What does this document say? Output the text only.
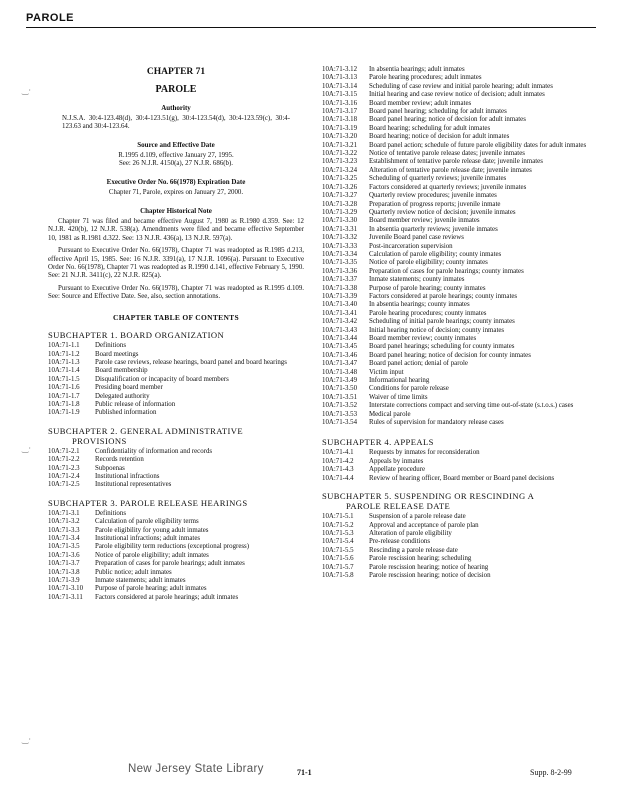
PAROLE
‿·
‿·
‿·
CHAPTER 71
PAROLE
Authority
N.J.S.A. 30:4-123.48(d), 30:4-123.51(g), 30:4-123.54(d), 30:4-123.59(c), 30:4-123.63 and 30:4-123.64.
Source and Effective Date
R.1995 d.109, effective January 27, 1995.
See: 26 N.J.R. 4150(a), 27 N.J.R. 686(b).
Executive Order No. 66(1978) Expiration Date
Chapter 71, Parole, expires on January 27, 2000.
Chapter Historical Note
Chapter 71 was filed and became effective August 7, 1980 as R.1980 d.359. See: 12 N.J.R. 420(b), 12 N.J.R. 538(a). Amendments were filed and became effective September 10, 1981 as R.1981 d.322. See: 13 N.J.R. 436(a), 13 N.J.R. 597(a).
Pursuant to Executive Order No. 66(1978), Chapter 71 was readopted as R.1985 d.213, effective April 15, 1985. See: 16 N.J.R. 3391(a), 17 N.J.R. 1096(a). Pursuant to Executive Order No. 66(1978), Chapter 71 was readopted as R.1990 d.141, effective February 5, 1990. See: 21 N.J.R. 3411(c), 22 N.J.R. 825(a).
Pursuant to Executive Order No. 66(1978), Chapter 71 was readopted as R.1995 d.109. See: Source and Effective Date. See, also, section annotations.
CHAPTER TABLE OF CONTENTS
SUBCHAPTER 1. BOARD ORGANIZATION
10A:71-1.1	Definitions
10A:71-1.2	Board meetings
10A:71-1.3	Parole case reviews, release hearings, board panel and board hearings
10A:71-1.4	Board membership
10A:71-1.5	Disqualification or incapacity of board members
10A:71-1.6	Presiding board member
10A:71-1.7	Delegated authority
10A:71-1.8	Public release of information
10A:71-1.9	Published information
SUBCHAPTER 2. GENERAL ADMINISTRATIVE
PROVISIONS
10A:71-2.1	Confidentiality of information and records
10A:71-2.2	Records retention
10A:71-2.3	Subpoenas
10A:71-2.4	Institutional infractions
10A:71-2.5	Institutional representatives
SUBCHAPTER 3. PAROLE RELEASE HEARINGS
10A:71-3.1	Definitions
10A:71-3.2	Calculation of parole eligibility terms
10A:71-3.3	Parole eligibility for young adult inmates
10A:71-3.4	Institutional infractions; adult inmates
10A:71-3.5	Parole eligibility term reductions (exceptional progress)
10A:71-3.6	Notice of parole eligibility; adult inmates
10A:71-3.7	Preparation of cases for parole hearings; adult inmates
10A:71-3.8	Public notice; adult inmates
10A:71-3.9	Inmate statements; adult inmates
10A:71-3.10	Purpose of parole hearing; adult inmates
10A:71-3.11	Factors considered at parole hearings; adult inmates
10A:71-3.12	In absentia hearings; adult inmates
10A:71-3.13	Parole hearing procedures; adult inmates
10A:71-3.14	Scheduling of case review and initial parole hearing; adult inmates
10A:71-3.15	Initial hearing and case review notice of decision; adult inmates
10A:71-3.16	Board member review; adult inmates
10A:71-3.17	Board panel hearing; scheduling for adult inmates
10A:71-3.18	Board panel hearing; notice of decision for adult inmates
10A:71-3.19	Board hearing; scheduling for adult inmates
10A:71-3.20	Board hearing; notice of decision for adult inmates
10A:71-3.21	Board panel action; schedule of future parole eligibility dates for adult inmates
10A:71-3.22	Notice of tentative parole release dates; juvenile inmates
10A:71-3.23	Establishment of tentative parole release date; juvenile inmates
10A:71-3.24	Alteration of tentative parole release date; juvenile inmates
10A:71-3.25	Scheduling of quarterly reviews; juvenile inmates
10A:71-3.26	Factors considered at quarterly reviews; juvenile inmates
10A:71-3.27	Quarterly review procedures; juvenile inmates
10A:71-3.28	Preparation of progress reports; juvenile inmate
10A:71-3.29	Quarterly review notice of decision; juvenile inmates
10A:71-3.30	Board member review; juvenile inmates
10A:71-3.31	In absentia quarterly reviews; juvenile inmates
10A:71-3.32	Juvenile Board panel case reviews
10A:71-3.33	Post-incarceration supervision
10A:71-3.34	Calculation of parole eligibility; county inmates
10A:71-3.35	Notice of parole eligibility; county inmates
10A:71-3.36	Preparation of cases for parole hearings; county inmates
10A:71-3.37	Inmate statements; county inmates
10A:71-3.38	Purpose of parole hearing; county inmates
10A:71-3.39	Factors considered at parole hearings; county inmates
10A:71-3.40	In absentia hearings; county inmates
10A:71-3.41	Parole hearing procedures; county inmates
10A:71-3.42	Scheduling of initial parole hearings; county inmates
10A:71-3.43	Initial hearing notice of decision; county inmates
10A:71-3.44	Board member review; county inmates
10A:71-3.45	Board panel hearings; scheduling for county inmates
10A:71-3.46	Board panel hearing; notice of decision for county inmates
10A:71-3.47	Board panel action; denial of parole
10A:71-3.48	Victim input
10A:71-3.49	Informational hearing
10A:71-3.50	Conditions for parole release
10A:71-3.51	Waiver of time limits
10A:71-3.52	Interstate corrections compact and serving time out-of-state (s.t.o.s.) cases
10A:71-3.53	Medical parole
10A:71-3.54	Rules of supervision for mandatory release cases
SUBCHAPTER 4. APPEALS
10A:71-4.1	Requests by inmates for reconsideration
10A:71-4.2	Appeals by inmates
10A:71-4.3	Appellate procedure
10A:71-4.4	Review of hearing officer, Board member or Board panel decisions
SUBCHAPTER 5. SUSPENDING OR RESCINDING A
PAROLE RELEASE DATE
10A:71-5.1	Suspension of a parole release date
10A:71-5.2	Approval and acceptance of parole plan
10A:71-5.3	Alteration of parole eligibility
10A:71-5.4	Pre-release conditions
10A:71-5.5	Rescinding a parole release date
10A:71-5.6	Parole rescission hearing; scheduling
10A:71-5.7	Parole rescission hearing; notice of hearing
10A:71-5.8	Parole rescission hearing; notice of decision
New Jersey State Library	71-1	Supp. 8-2-99
